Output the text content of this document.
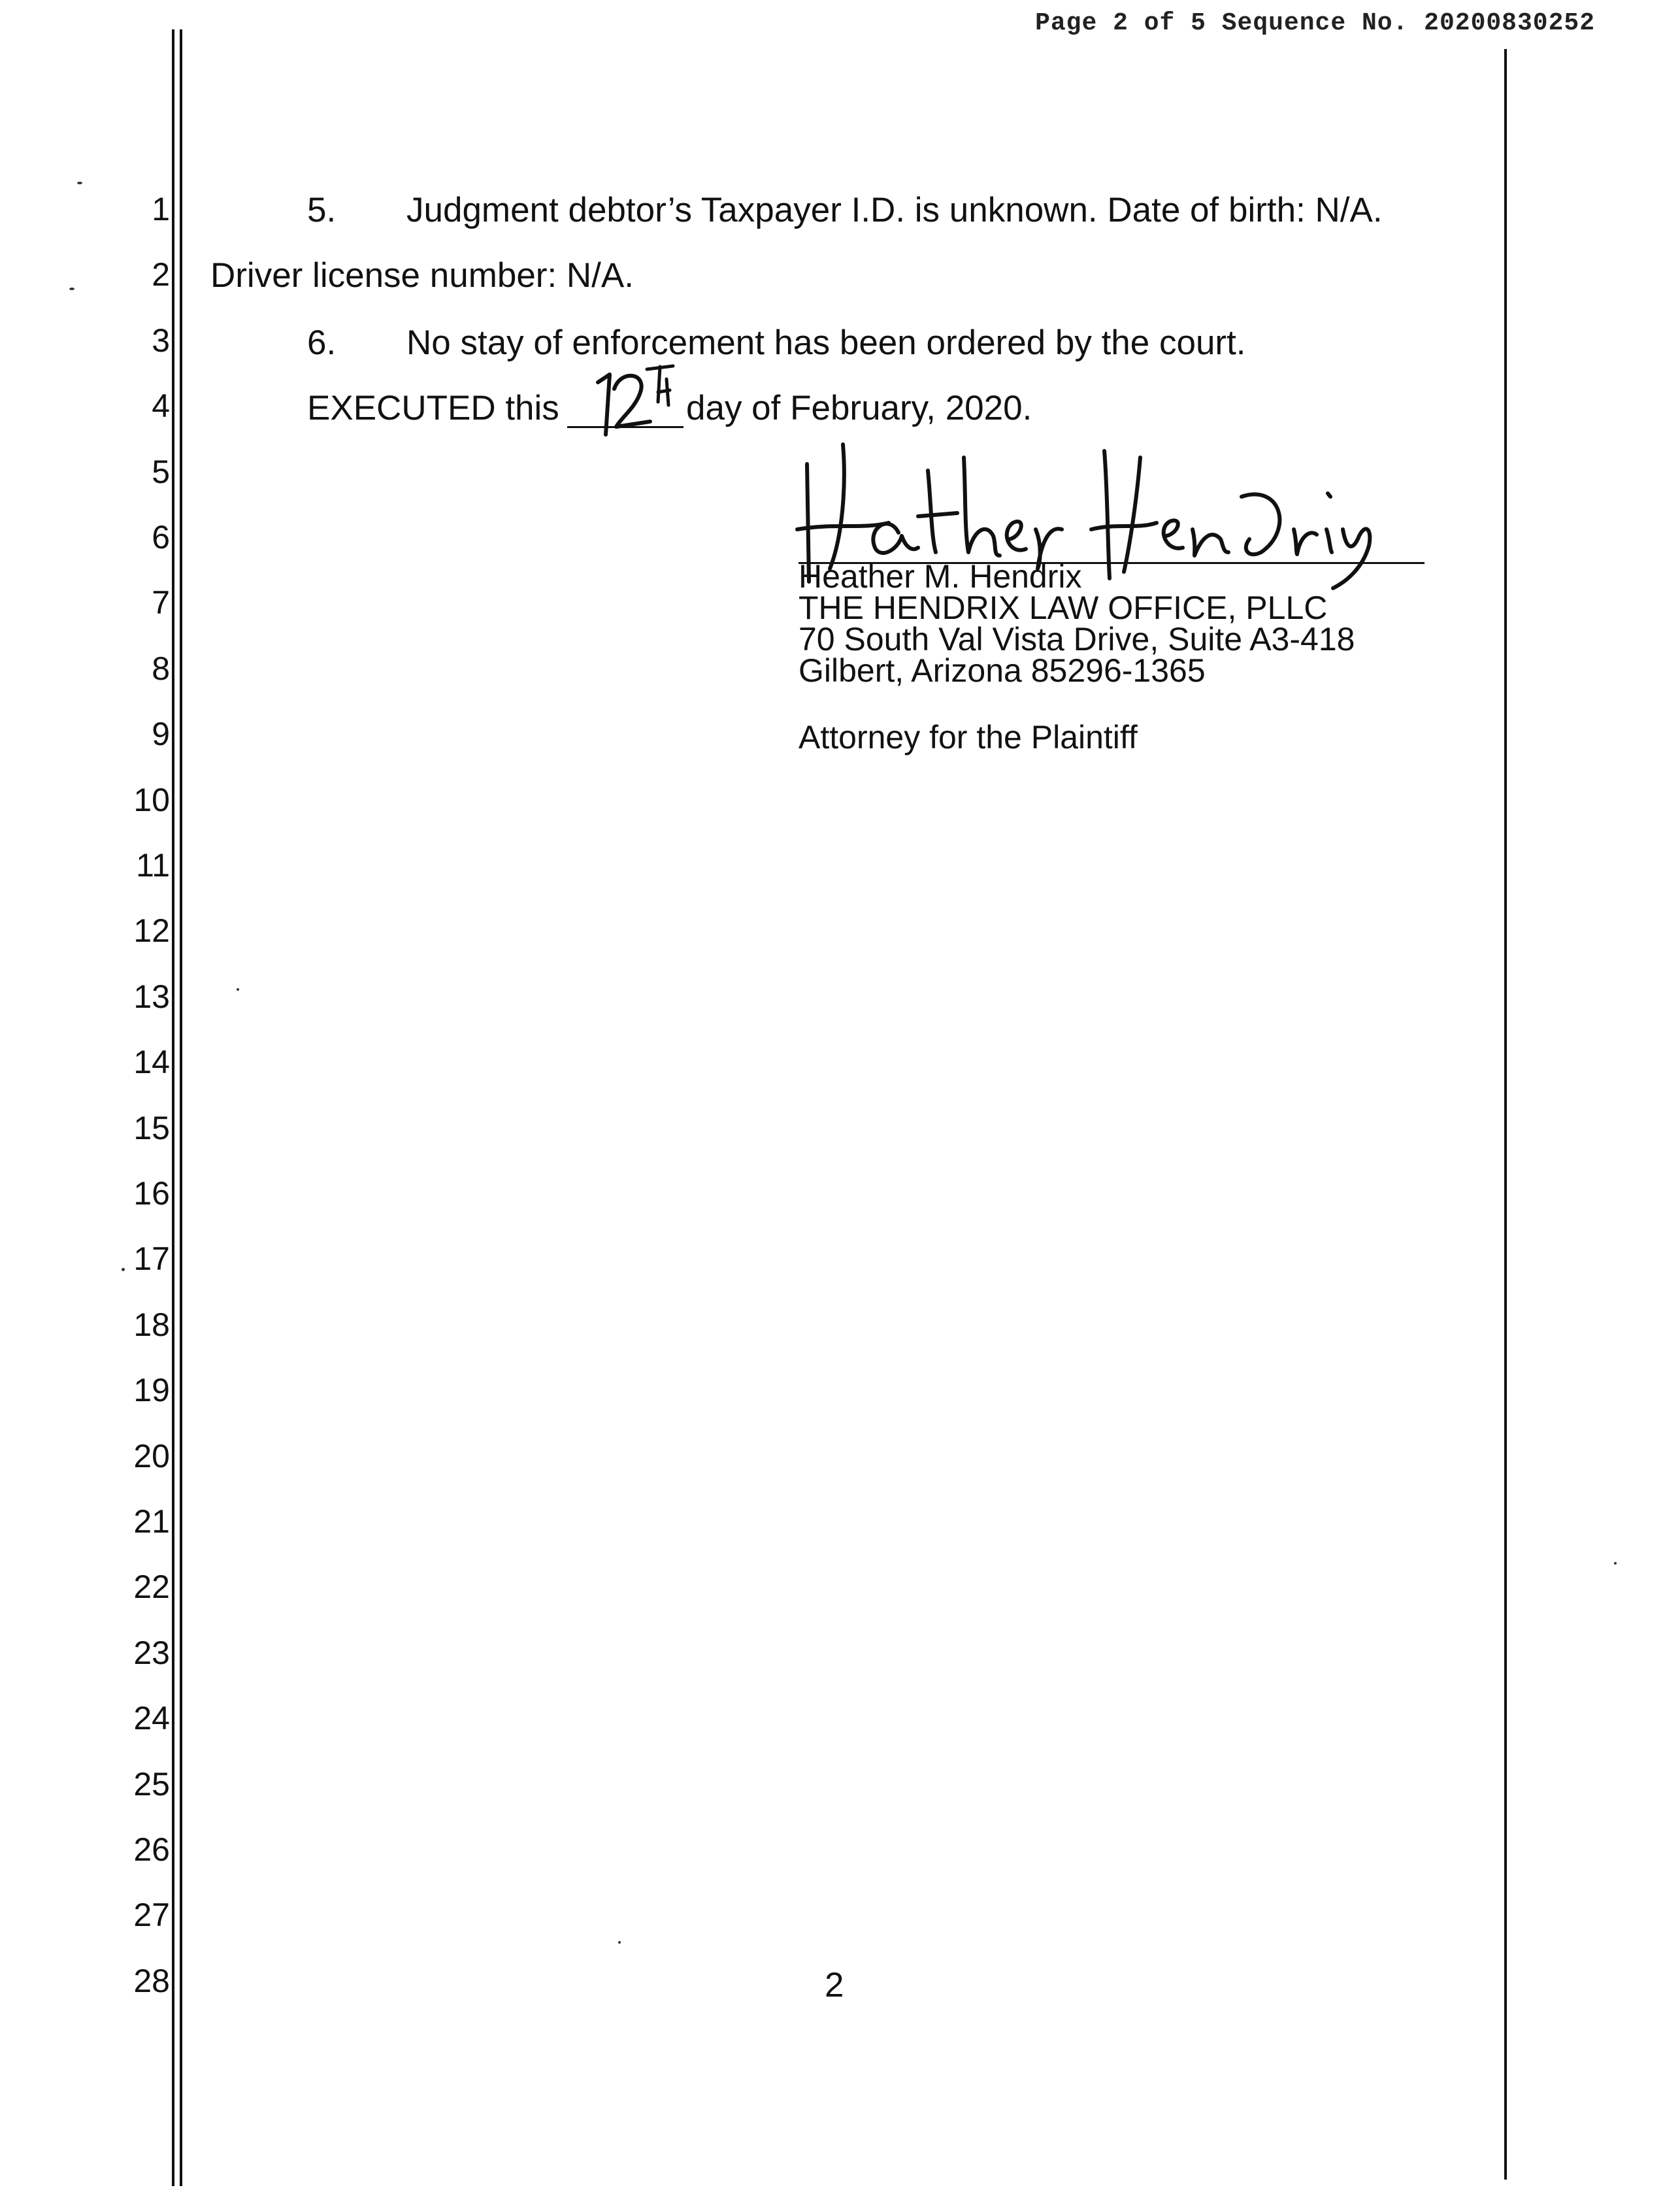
Page 2 of 5 Sequence No. 20200830252
1
2
3
4
5
6
7
8
9
10
11
12
13
14
15
16
17
18
19
20
21
22
23
24
25
26
27
28
5. Judgment debtor’s Taxpayer I.D. is unknown. Date of birth: N/A.
Driver license number: N/A.
6. No stay of enforcement has been ordered by the court.
EXECUTED this	day of February, 2020.
Heather M. Hendrix
THE HENDRIX LAW OFFICE, PLLC
70 South Val Vista Drive, Suite A3-418
Gilbert, Arizona 85296-1365
Attorney for the Plaintiff
2
